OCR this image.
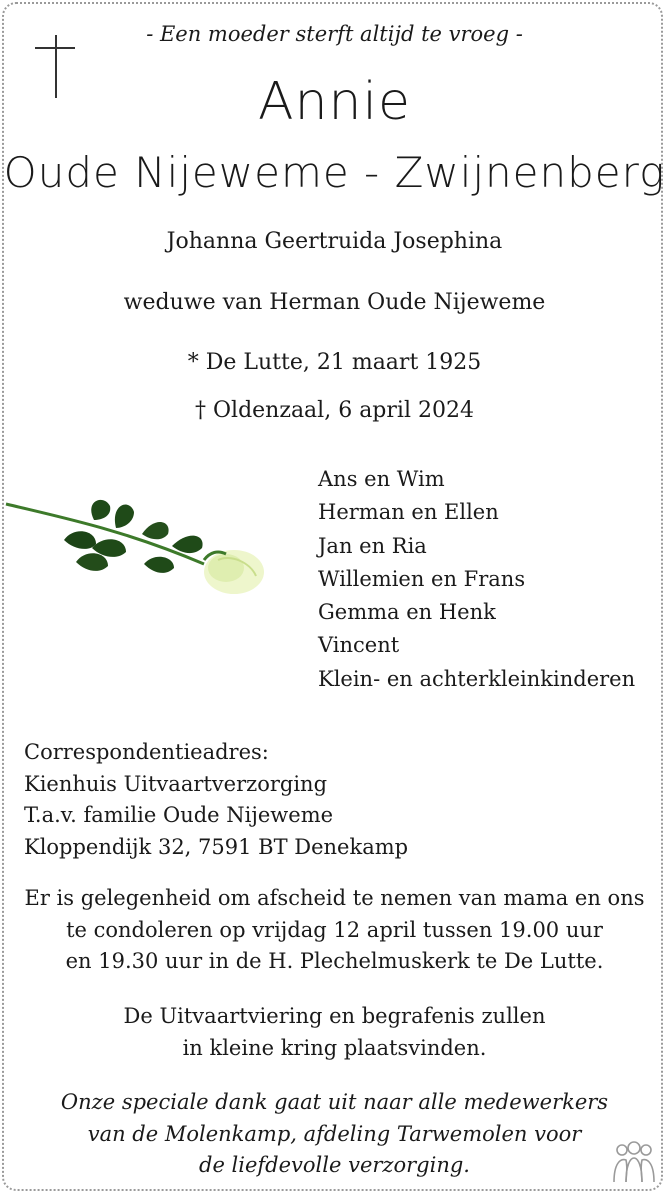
- Een moeder sterft altijd te vroeg -
Annie
Oude Nijeweme - Zwijnenberg
Johanna Geertruida Josephina
weduwe van Herman Oude Nijeweme
* De Lutte, 21 maart 1925
† Oldenzaal, 6 april 2024
Ans en Wim
Herman en Ellen
Jan en Ria
Willemien en Frans
Gemma en Henk
Vincent
Klein- en achterkleinkinderen
Correspondentieadres:
Kienhuis Uitvaartverzorging
T.a.v. familie Oude Nijeweme
Kloppendijk 32, 7591 BT Denekamp
Er is gelegenheid om afscheid te nemen van mama en ons
te condoleren op vrijdag 12 april tussen 19.00 uur
en 19.30 uur in de H. Plechelmuskerk te De Lutte.
De Uitvaartviering en begrafenis zullen
in kleine kring plaatsvinden.
Onze speciale dank gaat uit naar alle medewerkers
van de Molenkamp, afdeling Tarwemolen voor
de liefdevolle verzorging.
